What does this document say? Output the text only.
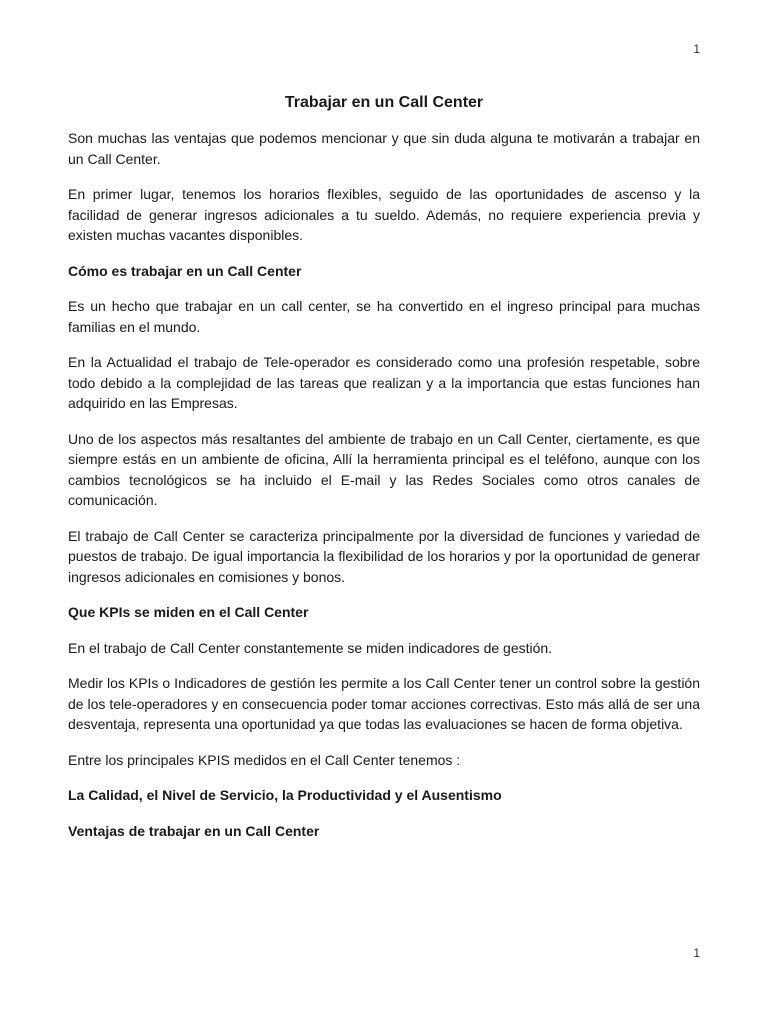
1
Trabajar en un Call Center

Son muchas las ventajas que podemos mencionar y que sin duda alguna te motivarán a trabajar en un Call Center.

En primer lugar, tenemos los horarios flexibles, seguido de las oportunidades de ascenso y la facilidad de generar ingresos adicionales a tu sueldo. Además, no requiere experiencia previa y existen muchas vacantes disponibles.

Cómo es trabajar en un Call Center

Es un hecho que trabajar en un call center, se ha convertido en el ingreso principal para muchas familias en el mundo.

En la Actualidad el trabajo de Tele-operador es considerado como una profesión respetable, sobre todo debido a la complejidad de las tareas que realizan y a la importancia que estas funciones han adquirido en las Empresas.

Uno de los aspectos más resaltantes del ambiente de trabajo en un Call Center, ciertamente, es que siempre estás en un ambiente de oficina, Allí la herramienta principal es el teléfono, aunque con los cambios tecnológicos se ha incluido el E-mail y las Redes Sociales como otros canales de comunicación.

El trabajo de Call Center se caracteriza principalmente por la diversidad de funciones y variedad de puestos de trabajo. De igual importancia la flexibilidad de los horarios y por la oportunidad de generar ingresos adicionales en comisiones y bonos.

Que KPIs se miden en el Call Center

En el trabajo de Call Center constantemente se miden indicadores de gestión.

Medir los KPIs o Indicadores de gestión les permite a los Call Center tener un control sobre la gestión de los tele-operadores y en consecuencia poder tomar acciones correctivas. Esto más allá de ser una desventaja, representa una oportunidad ya que todas las evaluaciones se hacen de forma objetiva.

Entre los principales KPIS medidos en el Call Center tenemos :

La Calidad, el Nivel de Servicio, la Productividad y el Ausentismo

Ventajas de trabajar en un Call Center

1
